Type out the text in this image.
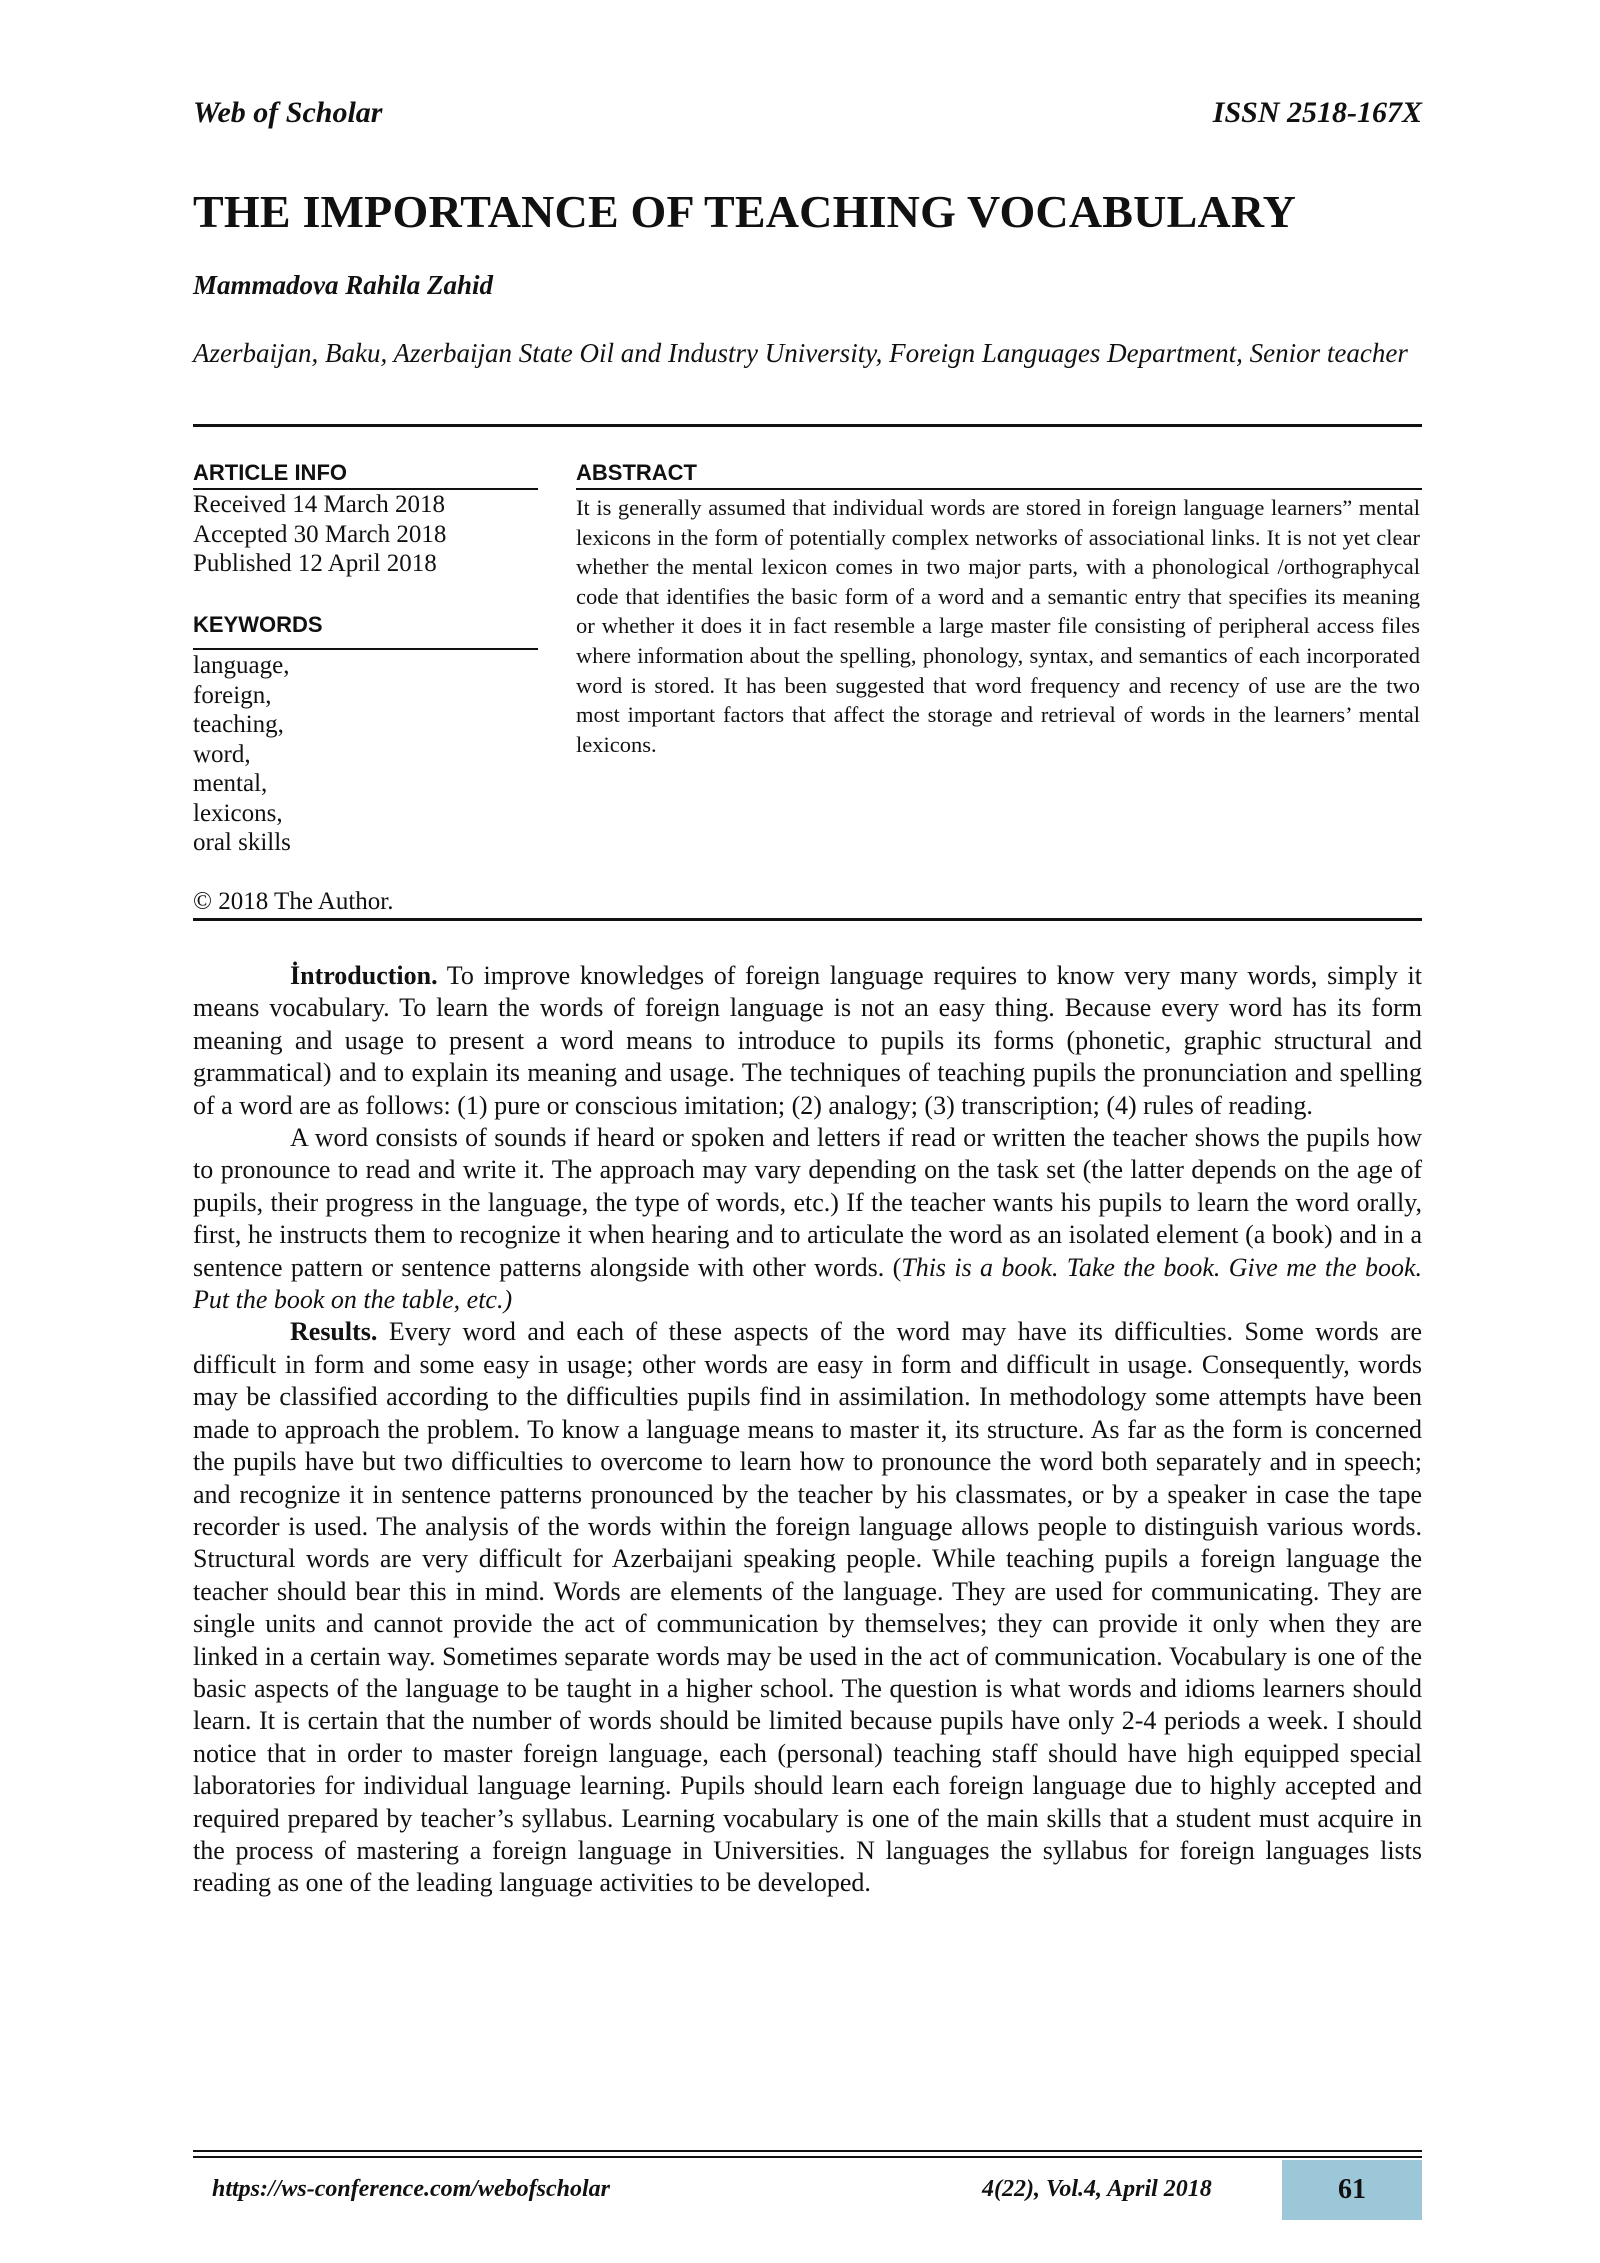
Web of Scholar	ISSN 2518-167X
THE IMPORTANCE OF TEACHING VOCABULARY
Mammadova Rahila Zahid
Azerbaijan, Baku, Azerbaijan State Oil and Industry University, Foreign Languages Department, Senior teacher
ARTICLE INFO
Received 14 March 2018
Accepted 30 March 2018
Published 12 April 2018
KEYWORDS
language,
foreign,
teaching,
word,
mental,
lexicons,
oral skills
© 2018 The Author.
ABSTRACT
It is generally assumed that individual words are stored in foreign language learners” mental lexicons in the form of potentially complex networks of associational links. It is not yet clear whether the mental lexicon comes in two major parts, with a phonological /orthographycal code that identifies the basic form of a word and a semantic entry that specifies its meaning or whether it does it in fact resemble a large master file consisting of peripheral access files where information about the spelling, phonology, syntax, and semantics of each incorporated word is stored. It has been suggested that word frequency and recency of use are the two most important factors that affect the storage and retrieval of words in the learners’ mental lexicons.

İntroduction. To improve knowledges of foreign language requires to know very many words, simply it means vocabulary. To learn the words of foreign language is not an easy thing. Because every word has its form meaning and usage to present a word means to introduce to pupils its forms (phonetic, graphic structural and grammatical) and to explain its meaning and usage. The techniques of teaching pupils the pronunciation and spelling of a word are as follows: (1) pure or conscious imitation; (2) analogy; (3) transcription; (4) rules of reading.

A word consists of sounds if heard or spoken and letters if read or written the teacher shows the pupils how to pronounce to read and write it. The approach may vary depending on the task set (the latter depends on the age of pupils, their progress in the language, the type of words, etc.) If the teacher wants his pupils to learn the word orally, first, he instructs them to recognize it when hearing and to articulate the word as an isolated element (a book) and in a sentence pattern or sentence patterns alongside with other words. (This is a book. Take the book. Give me the book. Put the book on the table, etc.)

Results. Every word and each of these aspects of the word may have its difficulties. Some words are difficult in form and some easy in usage; other words are easy in form and difficult in usage. Consequently, words may be classified according to the difficulties pupils find in assimilation. In methodology some attempts have been made to approach the problem. To know a language means to master it, its structure. As far as the form is concerned the pupils have but two difficulties to overcome to learn how to pronounce the word both separately and in speech; and recognize it in sentence patterns pronounced by the teacher by his classmates, or by a speaker in case the tape recorder is used. The analysis of the words within the foreign language allows people to distinguish various words. Structural words are very difficult for Azerbaijani speaking people. While teaching pupils a foreign language the teacher should bear this in mind. Words are elements of the language. They are used for communicating. They are single units and cannot provide the act of communication by themselves; they can provide it only when they are linked in a certain way. Sometimes separate words may be used in the act of communication. Vocabulary is one of the basic aspects of the language to be taught in a higher school. The question is what words and idioms learners should learn. It is certain that the number of words should be limited because pupils have only 2-4 periods a week. I should notice that in order to master foreign language, each (personal) teaching staff should have high equipped special laboratories for individual language learning. Pupils should learn each foreign language due to highly accepted and required prepared by teacher’s syllabus. Learning vocabulary is one of the main skills that a student must acquire in the process of mastering a foreign language in Universities. N languages the syllabus for foreign languages lists reading as one of the leading language activities to be developed.

https://ws-conference.com/webofscholar	4(22), Vol.4, April 2018	61
